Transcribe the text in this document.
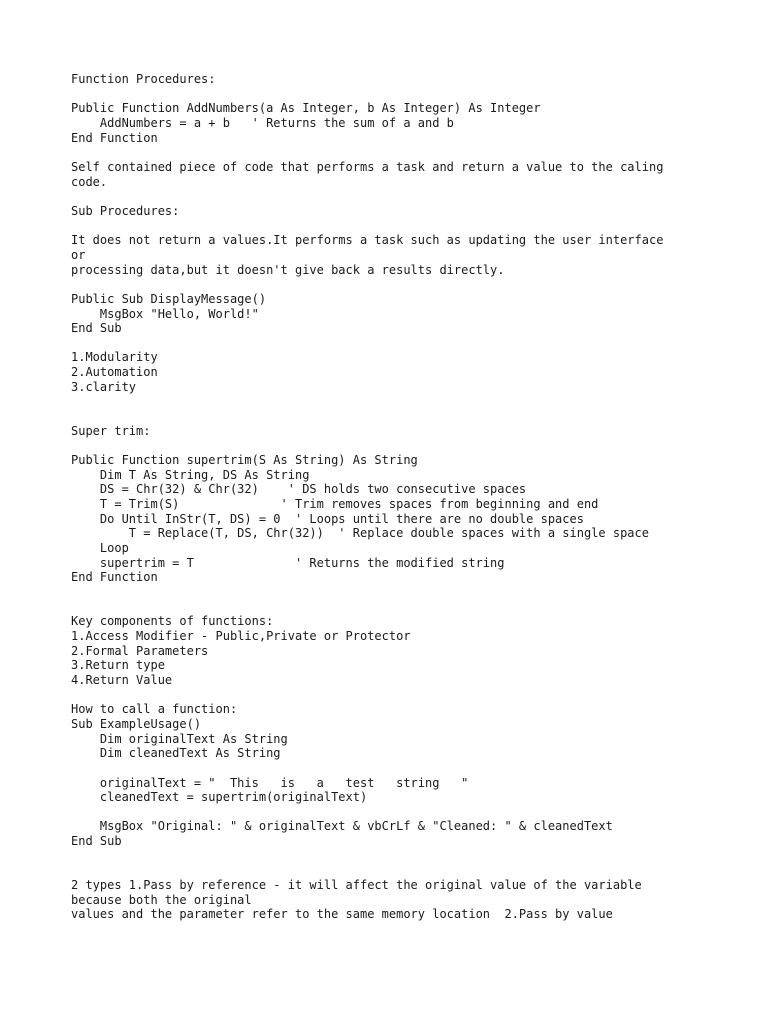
Function Procedures:
Public Function AddNumbers(a As Integer, b As Integer) As Integer
AddNumbers = a + b   ' Returns the sum of a and b
End Function
Self contained piece of code that performs a task and return a value to the caling
code.
Sub Procedures:
It does not return a values.It performs a task such as updating the user interface
or
processing data,but it doesn't give back a results directly.
Public Sub DisplayMessage()
MsgBox "Hello, World!"
End Sub
1.Modularity
2.Automation
3.clarity
Super trim:
Public Function supertrim(S As String) As String
Dim T As String, DS As String
DS = Chr(32) & Chr(32)    ' DS holds two consecutive spaces
T = Trim(S)              ' Trim removes spaces from beginning and end
Do Until InStr(T, DS) = 0  ' Loops until there are no double spaces
T = Replace(T, DS, Chr(32))  ' Replace double spaces with a single space
Loop
supertrim = T              ' Returns the modified string
End Function
Key components of functions:
1.Access Modifier - Public,Private or Protector
2.Formal Parameters
3.Return type
4.Return Value
How to call a function:
Sub ExampleUsage()
Dim originalText As String
Dim cleanedText As String
originalText = "  This   is   a   test   string   "
cleanedText = supertrim(originalText)
MsgBox "Original: " & originalText & vbCrLf & "Cleaned: " & cleanedText
End Sub
2 types 1.Pass by reference - it will affect the original value of the variable
because both the original
values and the parameter refer to the same memory location  2.Pass by value
